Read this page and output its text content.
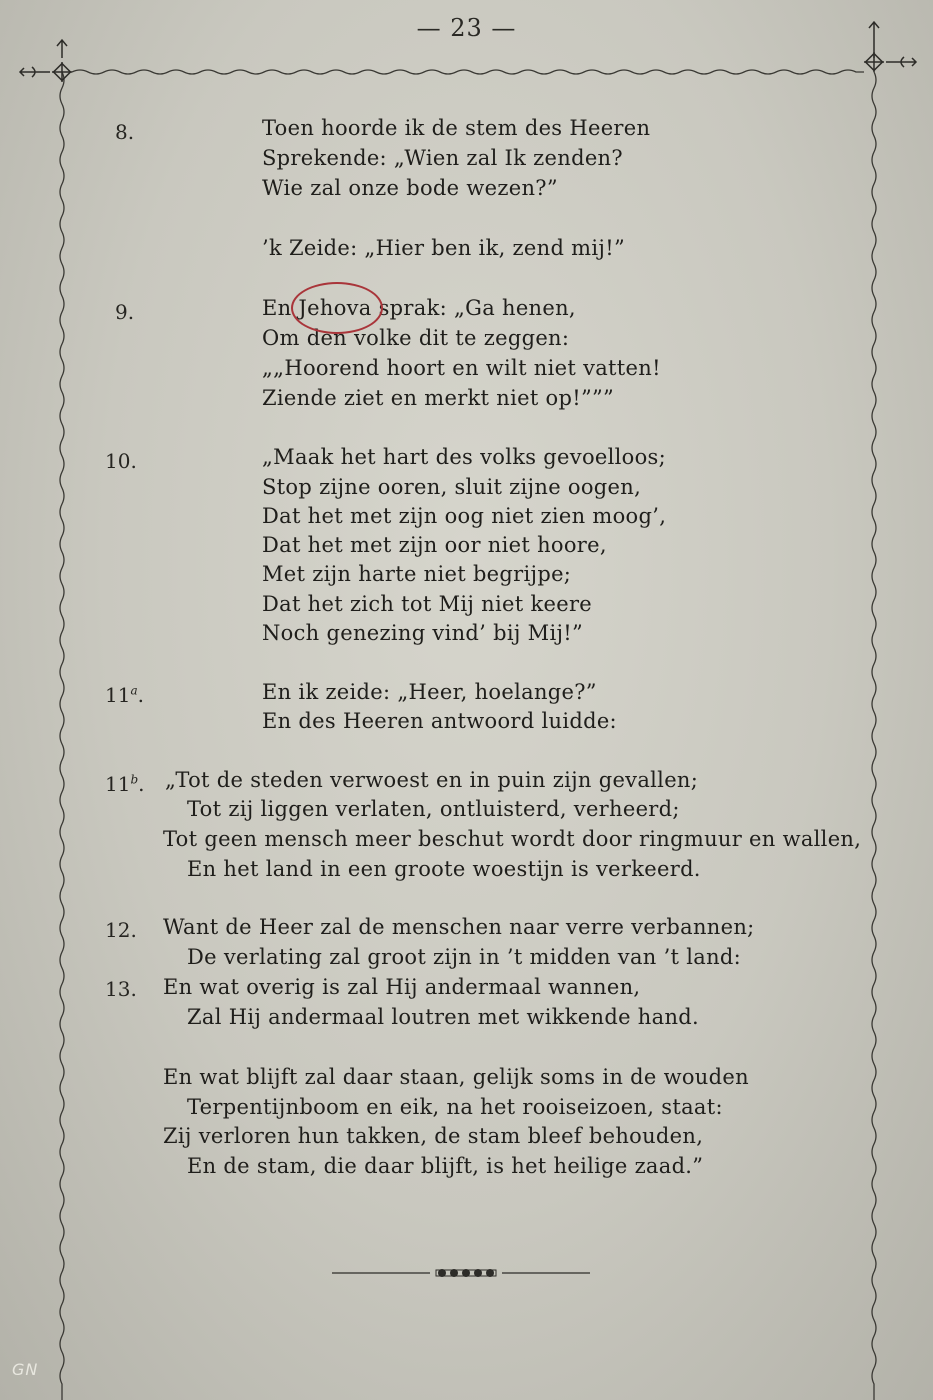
— 23 —
8.	Toen hoorde ik de stem des Heeren
Sprekende: „Wien zal Ik zenden?
Wie zal onze bode wezen?”
’k Zeide: „Hier ben ik, zend mij!”
9.	En Jehova sprak: „Ga henen,
Om den volke dit te zeggen:
„„Hoorend hoort en wilt niet vatten!
Ziende ziet en merkt niet op!”””
10.	„Maak het hart des volks gevoelloos;
Stop zijne ooren, sluit zijne oogen,
Dat het met zijn oog niet zien moog’,
Dat het met zijn oor niet hoore,
Met zijn harte niet begrijpe;
Dat het zich tot Mij niet keere
Noch genezing vind’ bij Mij!”
11$^a$.	En ik zeide: „Heer, hoelange?”
En des Heeren antwoord luidde:
11$^b$. „Tot de steden verwoest en in puin zijn gevallen;
Tot zij liggen verlaten, ontluisterd, verheerd;
Tot geen mensch meer beschut wordt door ringmuur en wallen,
En het land in een groote woestijn is verkeerd.
12. Want de Heer zal de menschen naar verre verbannen;
De verlating zal groot zijn in ’t midden van ’t land:
13. En wat overig is zal Hij andermaal wannen,
Zal Hij andermaal loutren met wikkende hand.
En wat blijft zal daar staan, gelijk soms in de wouden
Terpentijnboom en eik, na het rooiseizoen, staat:
Zij verloren hun takken, de stam bleef behouden,
En de stam, die daar blijft, is het heilige zaad.”
GN
